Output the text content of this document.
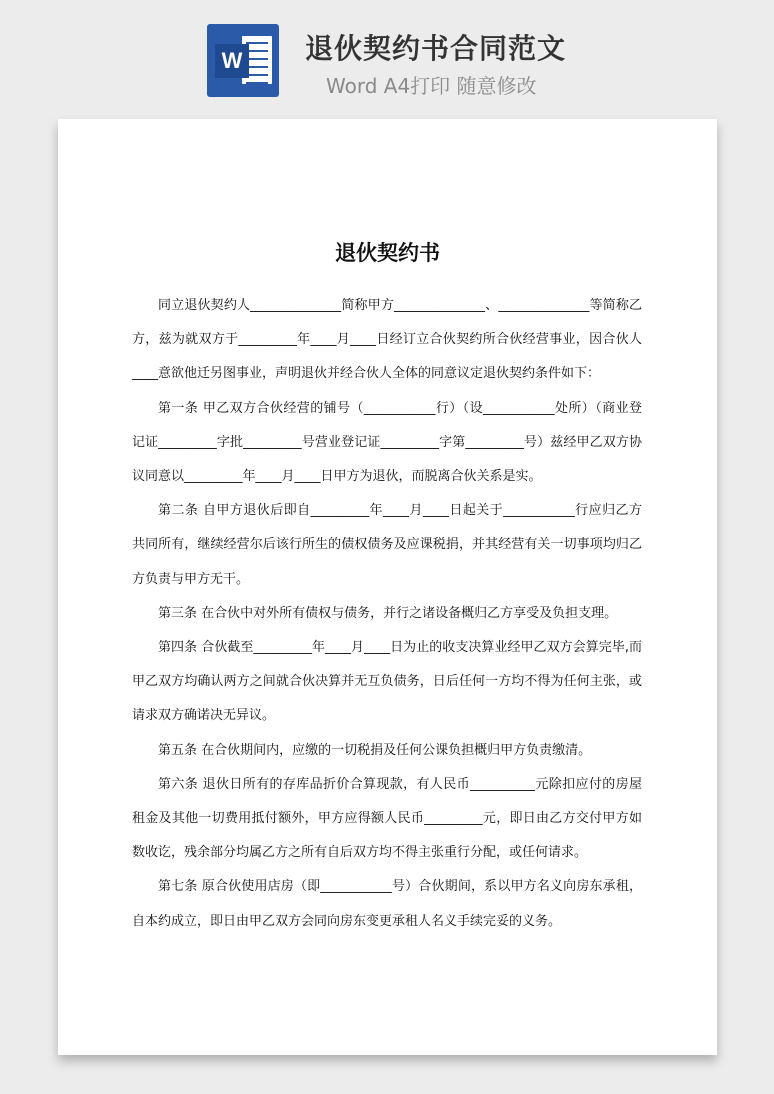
W 退伙契约书合同范文
Word A4打印 随意修改
退伙契约书

同立退伙契约人______________简称甲方______________、______________等简称乙方，兹为就双方于_________年____月____日经订立合伙契约所合伙经营事业，因合伙人____意欲他迁另图事业，声明退伙并经合伙人全体的同意议定退伙契约条件如下：

第一条 甲乙双方合伙经营的铺号（___________行）（设___________处所）（商业登记证_________字批_________号营业登记证_________字第_________号）兹经甲乙双方协议同意以_________年____月____日甲方为退伙，而脱离合伙关系是实。

第二条 自甲方退伙后即自_________年____月____日起关于___________行应归乙方共同所有，继续经营尔后该行所生的债权债务及应课税捐，并其经营有关一切事项均归乙方负责与甲方无干。

第三条 在合伙中对外所有债权与债务，并行之诸设备概归乙方享受及负担支理。

第四条 合伙截至_________年____月____日为止的收支决算业经甲乙双方会算完毕,而甲乙双方均确认两方之间就合伙决算并无互负债务，日后任何一方均不得为任何主张，或请求双方确诺决无异议。

第五条 在合伙期间内，应缴的一切税捐及任何公课负担概归甲方负责缴清。

第六条 退伙日所有的存库品折价合算现款，有人民币__________元除扣应付的房屋租金及其他一切费用抵付额外，甲方应得额人民币_________元，即日由乙方交付甲方如数收讫，残余部分均属乙方之所有自后双方均不得主张重行分配，或任何请求。

第七条 原合伙使用店房（即___________号）合伙期间，系以甲方名义向房东承租，自本约成立，即日由甲乙双方会同向房东变更承租人名义手续完妥的义务。
